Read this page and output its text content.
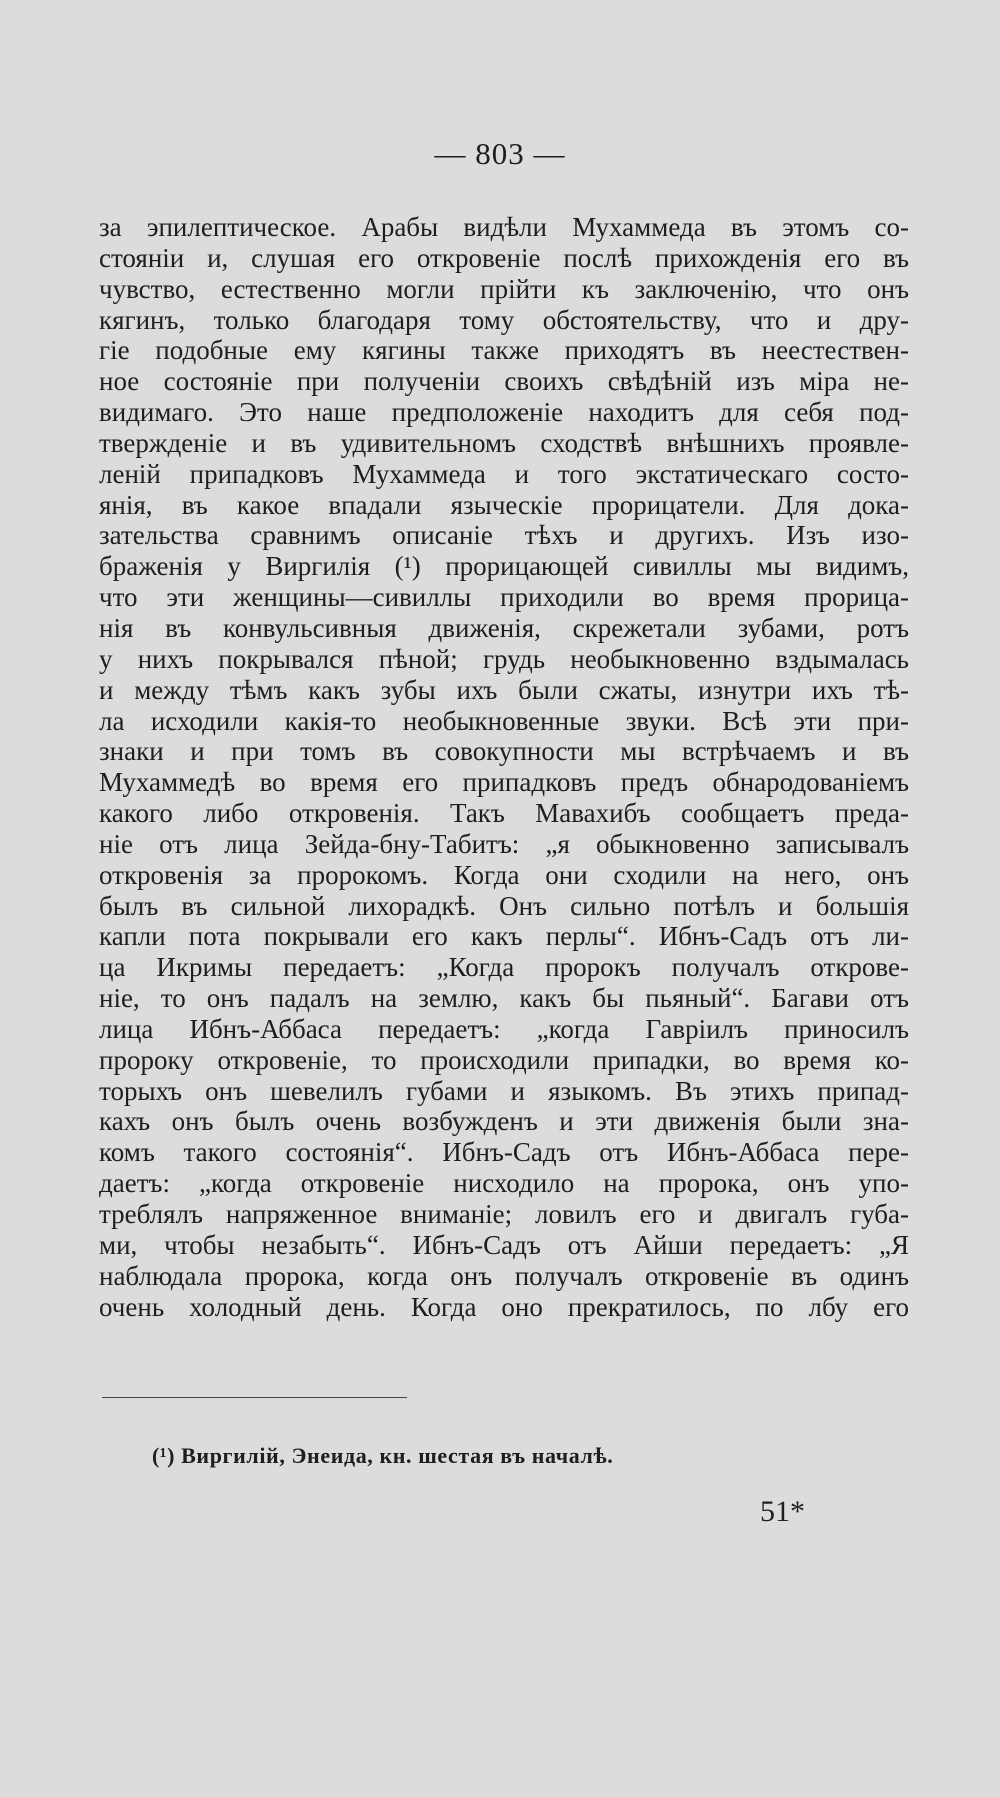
— 803 —
за эпилептическое. Арабы видѣли Мухаммеда въ этомъ со-
стояніи и, слушая его откровеніе послѣ прихожденія его въ
чувство, естественно могли прійти къ заключенію, что онъ
кягинъ, только благодаря тому обстоятельству, что и дру-
гіе подобные ему кягины также приходятъ въ неестествен-
ное состояніе при полученіи своихъ свѣдѣній изъ міра не-
видимаго. Это наше предположеніе находитъ для себя под-
твержденіе и въ удивительномъ сходствѣ внѣшнихъ проявле-
леній припадковъ Мухаммеда и того экстатическаго состо-
янія, въ какое впадали языческіе прорицатели. Для дока-
зательства сравнимъ описаніе тѣхъ и другихъ. Изъ изо-
браженія у Виргилія (¹) прорицающей сивиллы мы видимъ,
что эти женщины—сивиллы приходили во время прорица-
нія въ конвульсивныя движенія, скрежетали зубами, ротъ
у нихъ покрывался пѣной; грудь необыкновенно вздымалась
и между тѣмъ какъ зубы ихъ были сжаты, изнутри ихъ тѣ-
ла исходили какія-то необыкновенные звуки. Всѣ эти при-
знаки и при томъ въ совокупности мы встрѣчаемъ и въ
Мухаммедѣ во время его припадковъ предъ обнародованіемъ
какого либо откровенія. Такъ Мавахибъ сообщаетъ преда-
ніе отъ лица Зейда-бну-Табитъ: „я обыкновенно записывалъ
откровенія за пророкомъ. Когда они сходили на него, онъ
былъ въ сильной лихорадкѣ. Онъ сильно потѣлъ и большія
капли пота покрывали его какъ перлы“. Ибнъ-Садъ отъ ли-
ца Икримы передаетъ: „Когда пророкъ получалъ открове-
ніе, то онъ падалъ на землю, какъ бы пьяный“. Багави отъ
лица Ибнъ-Аббаса передаетъ: „когда Гавріилъ приносилъ
пророку откровеніе, то происходили припадки, во время ко-
торыхъ онъ шевелилъ губами и языкомъ. Въ этихъ припад-
кахъ онъ былъ очень возбужденъ и эти движенія были зна-
комъ такого состоянія“. Ибнъ-Садъ отъ Ибнъ-Аббаса пере-
даетъ: „когда откровеніе нисходило на пророка, онъ упо-
треблялъ напряженное вниманіе; ловилъ его и двигалъ губа-
ми, чтобы незабыть“. Ибнъ-Садъ отъ Айши передаетъ: „Я
наблюдала пророка, когда онъ получалъ откровеніе въ одинъ
очень холодный день. Когда оно прекратилось, по лбу его
(¹) Виргилій, Энеида, кн. шестая въ началѣ.
51*
